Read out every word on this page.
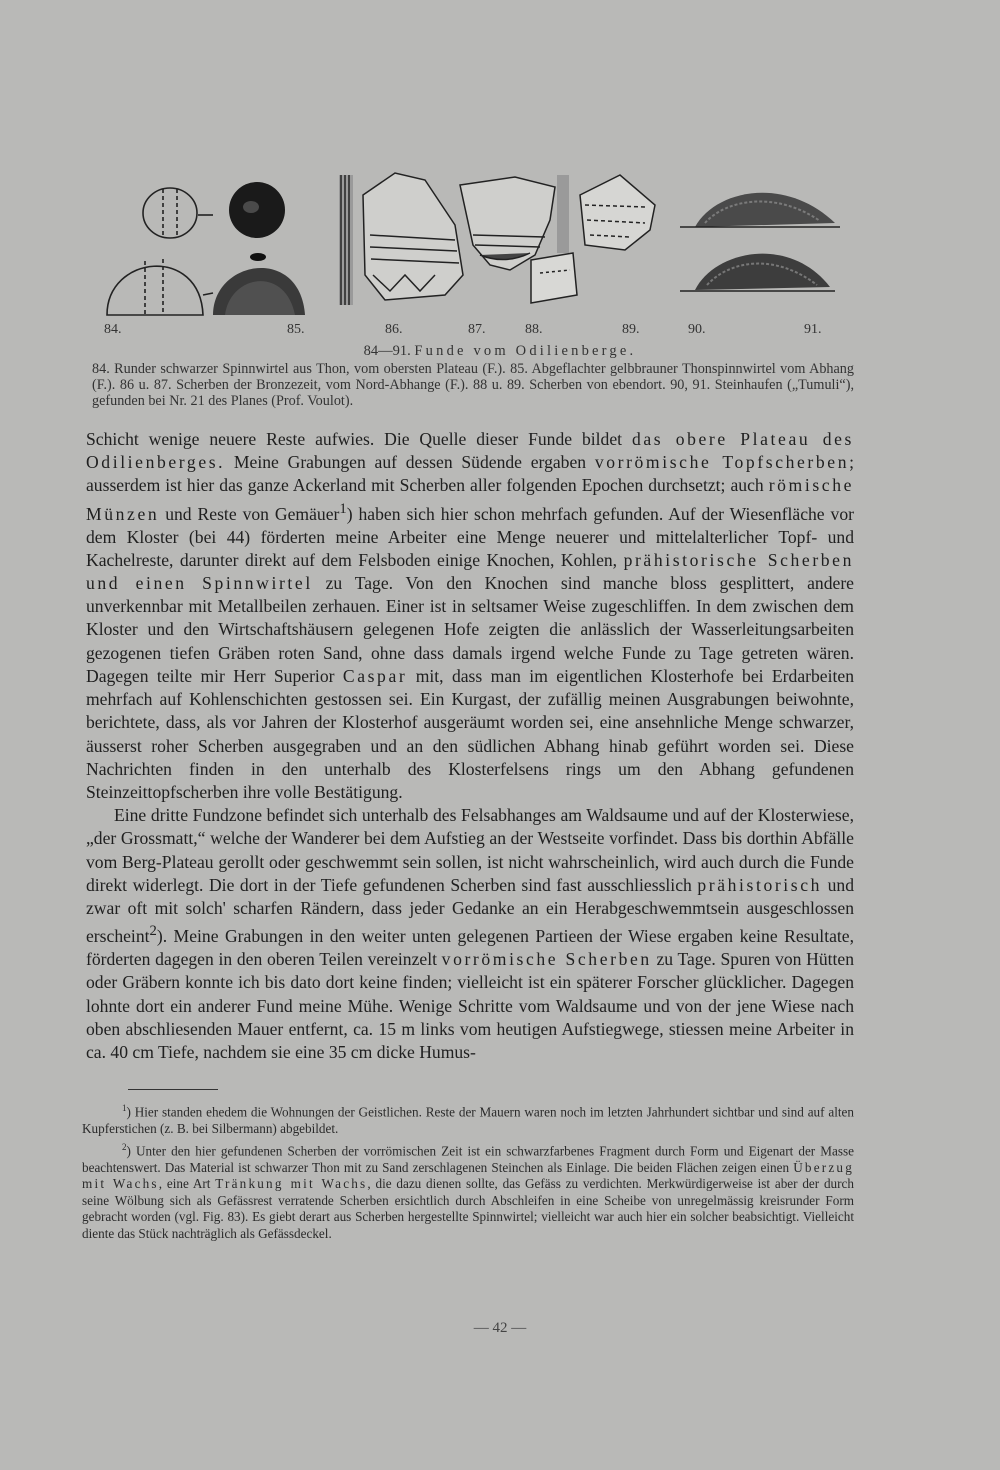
84.	85.	86.	87.	88.	89.	90.	91.
84—91. Funde vom Odilienberge.
84. Runder schwarzer Spinnwirtel aus Thon, vom obersten Plateau (F.). 85. Abgeflachter gelbbrauner Thonspinnwirtel vom Abhang (F.). 86 u. 87. Scherben der Bronzezeit, vom Nord-Abhange (F.). 88 u. 89. Scherben von ebendort. 90, 91. Steinhaufen („Tumuli“), gefunden bei Nr. 21 des Planes (Prof. Voulot).

Schicht wenige neuere Reste aufwies. Die Quelle dieser Funde bildet das obere Plateau des Odilienberges. Meine Grabungen auf dessen Südende ergaben vorrömische Topfscherben; ausserdem ist hier das ganze Ackerland mit Scherben aller folgenden Epochen durchsetzt; auch römische Münzen und Reste von Gemäuer$^1$) haben sich hier schon mehrfach gefunden. Auf der Wiesenfläche vor dem Kloster (bei 44) förderten meine Arbeiter eine Menge neuerer und mittelalterlicher Topf- und Kachelreste, darunter direkt auf dem Felsboden einige Knochen, Kohlen, prähistorische Scherben und einen Spinnwirtel zu Tage. Von den Knochen sind manche bloss gesplittert, andere unverkennbar mit Metallbeilen zerhauen. Einer ist in seltsamer Weise zugeschliffen. In dem zwischen dem Kloster und den Wirtschaftshäusern gelegenen Hofe zeigten die anlässlich der Wasserleitungsarbeiten gezogenen tiefen Gräben roten Sand, ohne dass damals irgend welche Funde zu Tage getreten wären. Dagegen teilte mir Herr Superior Caspar mit, dass man im eigentlichen Klosterhofe bei Erdarbeiten mehrfach auf Kohlenschichten gestossen sei. Ein Kurgast, der zufällig meinen Ausgrabungen beiwohnte, berichtete, dass, als vor Jahren der Klosterhof ausgeräumt worden sei, eine ansehnliche Menge schwarzer, äusserst roher Scherben ausgegraben und an den südlichen Abhang hinab geführt worden sei. Diese Nachrichten finden in den unterhalb des Klosterfelsens rings um den Abhang gefundenen Steinzeittopfscherben ihre volle Bestätigung.

Eine dritte Fundzone befindet sich unterhalb des Felsabhanges am Waldsaume und auf der Klosterwiese, „der Grossmatt,“ welche der Wanderer bei dem Aufstieg an der Westseite vorfindet. Dass bis dorthin Abfälle vom Berg-Plateau gerollt oder geschwemmt sein sollen, ist nicht wahrscheinlich, wird auch durch die Funde direkt widerlegt. Die dort in der Tiefe gefundenen Scherben sind fast ausschliesslich prähistorisch und zwar oft mit solch' scharfen Rändern, dass jeder Gedanke an ein Herabgeschwemmtsein ausgeschlossen erscheint$^2$). Meine Grabungen in den weiter unten gelegenen Partieen der Wiese ergaben keine Resultate, förderten dagegen in den oberen Teilen vereinzelt vorrömische Scherben zu Tage. Spuren von Hütten oder Gräbern konnte ich bis dato dort keine finden; vielleicht ist ein späterer Forscher glücklicher. Dagegen lohnte dort ein anderer Fund meine Mühe. Wenige Schritte vom Waldsaume und von der jene Wiese nach oben abschliesenden Mauer entfernt, ca. 15 m links vom heutigen Aufstiegwege, stiessen meine Arbeiter in ca. 40 cm Tiefe, nachdem sie eine 35 cm dicke Humus-

$^1$) Hier standen ehedem die Wohnungen der Geistlichen. Reste der Mauern waren noch im letzten Jahrhundert sichtbar und sind auf alten Kupferstichen (z. B. bei Silbermann) abgebildet.

$^2$) Unter den hier gefundenen Scherben der vorrömischen Zeit ist ein schwarzfarbenes Fragment durch Form und Eigenart der Masse beachtenswert. Das Material ist schwarzer Thon mit zu Sand zerschlagenen Steinchen als Einlage. Die beiden Flächen zeigen einen Überzug mit Wachs, eine Art Tränkung mit Wachs, die dazu dienen sollte, das Gefäss zu verdichten. Merkwürdigerweise ist aber der durch seine Wölbung sich als Gefässrest verratende Scherben ersichtlich durch Abschleifen in eine Scheibe von unregelmässig kreisrunder Form gebracht worden (vgl. Fig. 83). Es giebt derart aus Scherben hergestellte Spinnwirtel; vielleicht war auch hier ein solcher beabsichtigt. Vielleicht diente das Stück nachträglich als Gefässdeckel.

— 42 —
